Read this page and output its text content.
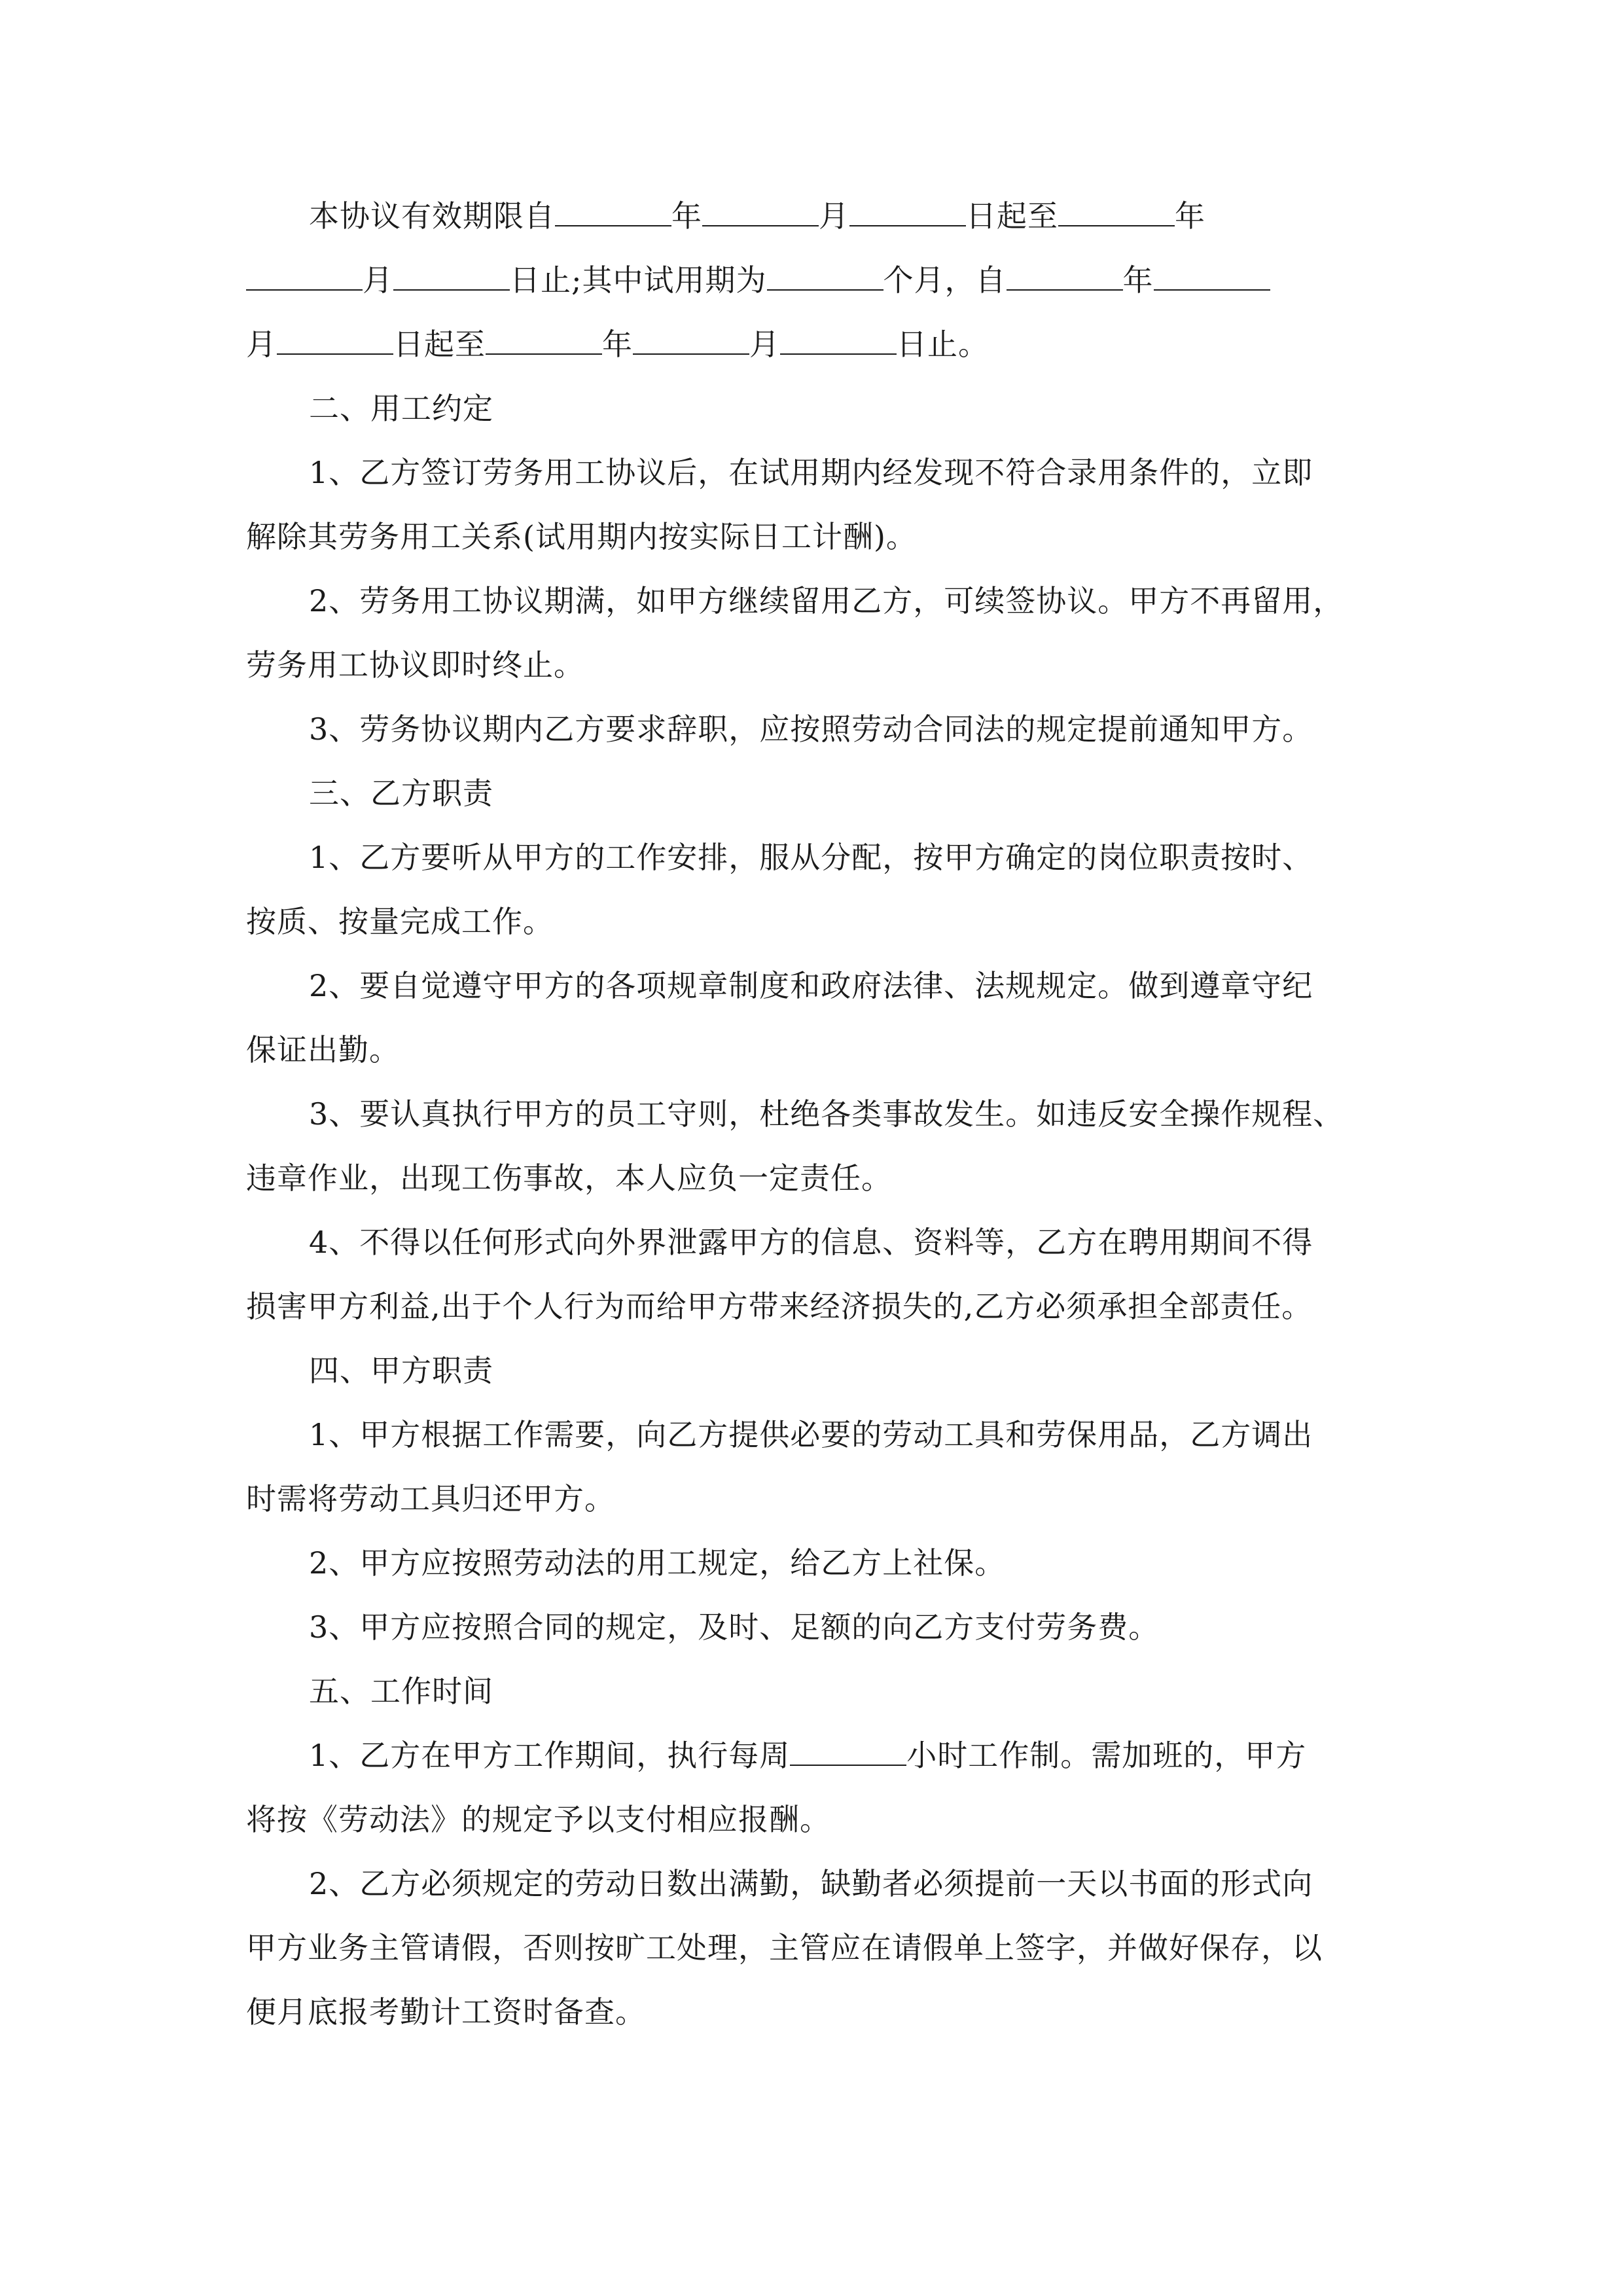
本协议有效期限自	年	月	日起至	年
月	日止;其中试用期为	个月，自	年
月	日起至	年	月	日止。
二、用工约定
1、乙方签订劳务用工协议后，在试用期内经发现不符合录用条件的，立即
解除其劳务用工关系(试用期内按实际日工计酬)。
2、劳务用工协议期满，如甲方继续留用乙方，可续签协议。甲方不再留用，
劳务用工协议即时终止。
3、劳务协议期内乙方要求辞职，应按照劳动合同法的规定提前通知甲方。
三、乙方职责
1、乙方要听从甲方的工作安排，服从分配，按甲方确定的岗位职责按时、
按质、按量完成工作。
2、要自觉遵守甲方的各项规章制度和政府法律、法规规定。做到遵章守纪
保证出勤。
3、要认真执行甲方的员工守则，杜绝各类事故发生。如违反安全操作规程、
违章作业，出现工伤事故，本人应负一定责任。
4、不得以任何形式向外界泄露甲方的信息、资料等，乙方在聘用期间不得
损害甲方利益,出于个人行为而给甲方带来经济损失的,乙方必须承担全部责任。
四、甲方职责
1、甲方根据工作需要，向乙方提供必要的劳动工具和劳保用品，乙方调出
时需将劳动工具归还甲方。
2、甲方应按照劳动法的用工规定，给乙方上社保。
3、甲方应按照合同的规定，及时、足额的向乙方支付劳务费。
五、工作时间
1、乙方在甲方工作期间，执行每周	小时工作制。需加班的，甲方
将按《劳动法》的规定予以支付相应报酬。
2、乙方必须规定的劳动日数出满勤，缺勤者必须提前一天以书面的形式向
甲方业务主管请假，否则按旷工处理，主管应在请假单上签字，并做好保存，以
便月底报考勤计工资时备查。
